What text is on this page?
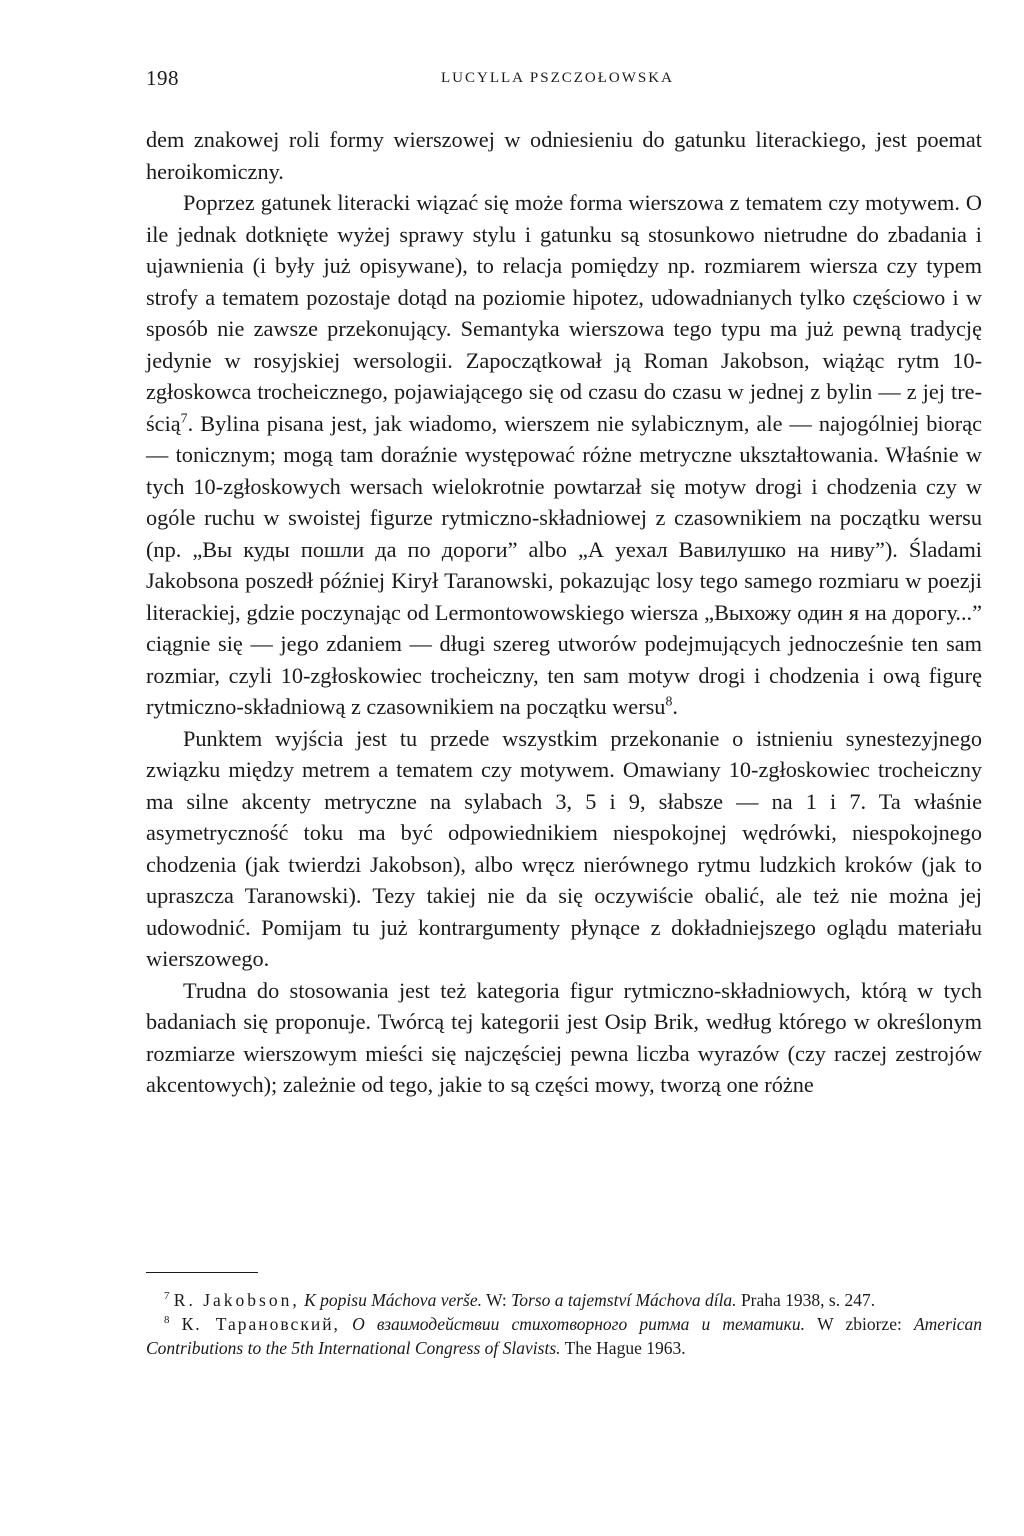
198	LUCYLLA PSZCZOŁOWSKA

dem znakowej roli formy wierszowej w odniesieniu do gatunku literackiego, jest poemat heroikomiczny.

Poprzez gatunek literacki wiązać się może forma wierszowa z tematem czy motywem. O ile jednak dotknięte wyżej sprawy stylu i gatunku są stosunkowo nietrudne do zbadania i ujawnienia (i były już opisywane), to relacja pomiędzy np. rozmiarem wiersza czy typem strofy a tematem pozostaje dotąd na poziomie hipotez, udowadnianych tylko częściowo i w sposób nie zawsze przekonujący. Semantyka wierszowa tego typu ma już pewną tradycję jedynie w rosyjskiej wersologii. Zapoczątkował ją Roman Jakobson, wiążąc rytm 10-zgłoskowca trocheicznego, pojawiającego się od czasu do czasu w jednej z bylin — z jej treścią$^7$. Bylina pisana jest, jak wiadomo, wierszem nie sylabicznym, ale — najogólniej biorąc — tonicznym; mogą tam doraźnie występować różne metryczne ukształtowania. Właśnie w tych 10-zgłoskowych wersach wielokrotnie powtarzał się motyw drogi i chodzenia czy w ogóle ruchu w swoistej figurze rytmiczno-składniowej z czasownikiem na początku wersu (np. „Вы куды пошли да по дороги” albo „А уехал Вавилушко на ниву”). Śladami Jakobsona poszedł później Kirył Taranowski, pokazując losy tego samego rozmiaru w poezji literackiej, gdzie poczynając od Lermontowowskiego wiersza „Выхожу один я на дорогу...” ciągnie się — jego zdaniem — długi szereg utworów podejmujących jednocześnie ten sam rozmiar, czyli 10-zgłoskowiec trocheiczny, ten sam motyw drogi i chodzenia i ową figurę rytmiczno-składniową z czasownikiem na początku wersu$^8$.

Punktem wyjścia jest tu przede wszystkim przekonanie o istnieniu synestezyjnego związku między metrem a tematem czy motywem. Omawiany 10-zgłoskowiec trocheiczny ma silne akcenty metryczne na sylabach 3, 5 i 9, słabsze — na 1 i 7. Ta właśnie asymetryczność toku ma być odpowiednikiem niespokojnej wędrówki, niespokojnego chodzenia (jak twierdzi Jakobson), albo wręcz nierównego rytmu ludzkich kroków (jak to upraszcza Taranowski). Tezy takiej nie da się oczywiście obalić, ale też nie można jej udowodnić. Pomijam tu już kontrargumenty płynące z dokładniejszego oglądu materiału wierszowego.

Trudna do stosowania jest też kategoria figur rytmiczno-składniowych, którą w tych badaniach się proponuje. Twórcą tej kategorii jest Osip Brik, według którego w określonym rozmiarze wierszowym mieści się najczęściej pewna liczba wyrazów (czy raczej zestrojów akcentowych); zależnie od tego, jakie to są części mowy, tworzą one różne

$^7$ R. Jakobson, K popisu Máchova verše. W: Torso a tajemství Máchova díla. Praha 1938, s. 247.

$^8$ К. Тарановский, О взаимодействии стихотворного ритма и тематики. W zbiorze: American Contributions to the 5th International Congress of Slavists. The Hague 1963.
